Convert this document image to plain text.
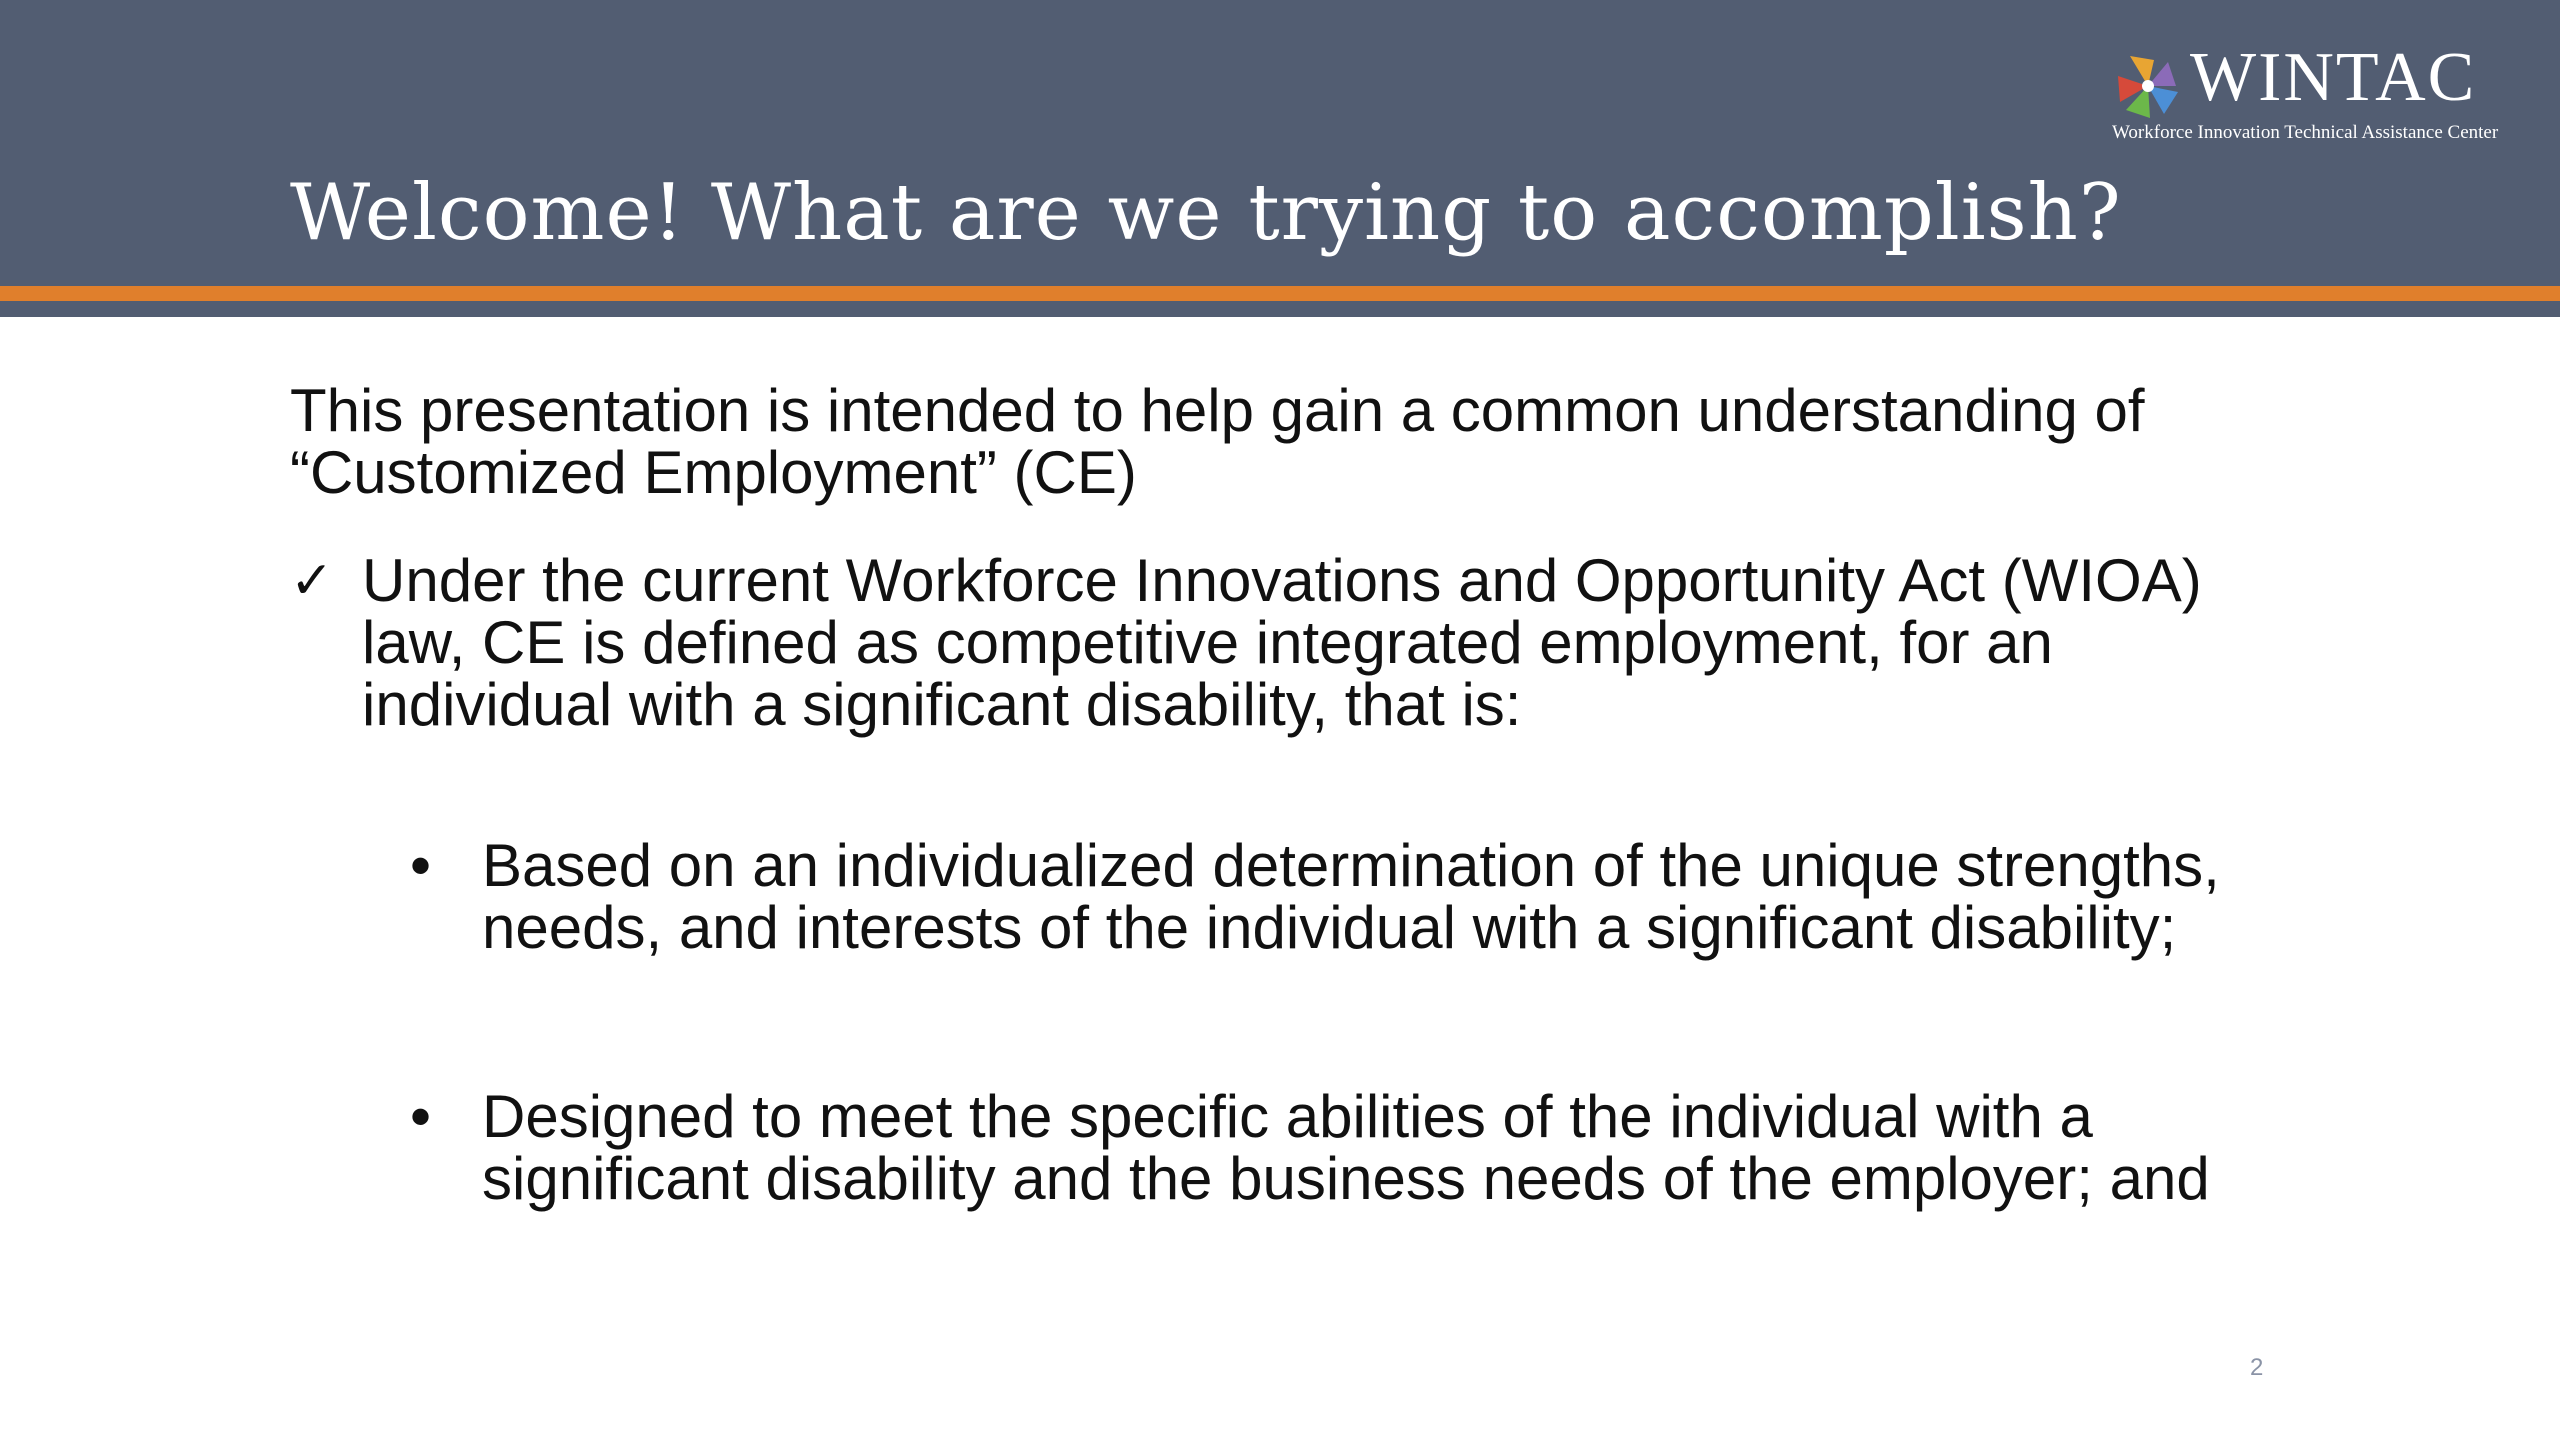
WINTAC
Workforce Innovation Technical Assistance Center
Welcome! What are we trying to accomplish?
This presentation is intended to help gain a common understanding of “Customized Employment” (CE)
✓ Under the current Workforce Innovations and Opportunity Act (WIOA) law, CE is defined as competitive integrated employment, for an individual with a significant disability, that is:
• Based on an individualized determination of the unique strengths, needs, and interests of the individual with a significant disability;
• Designed to meet the specific abilities of the individual with a significant disability and the business needs of the employer; and
2
